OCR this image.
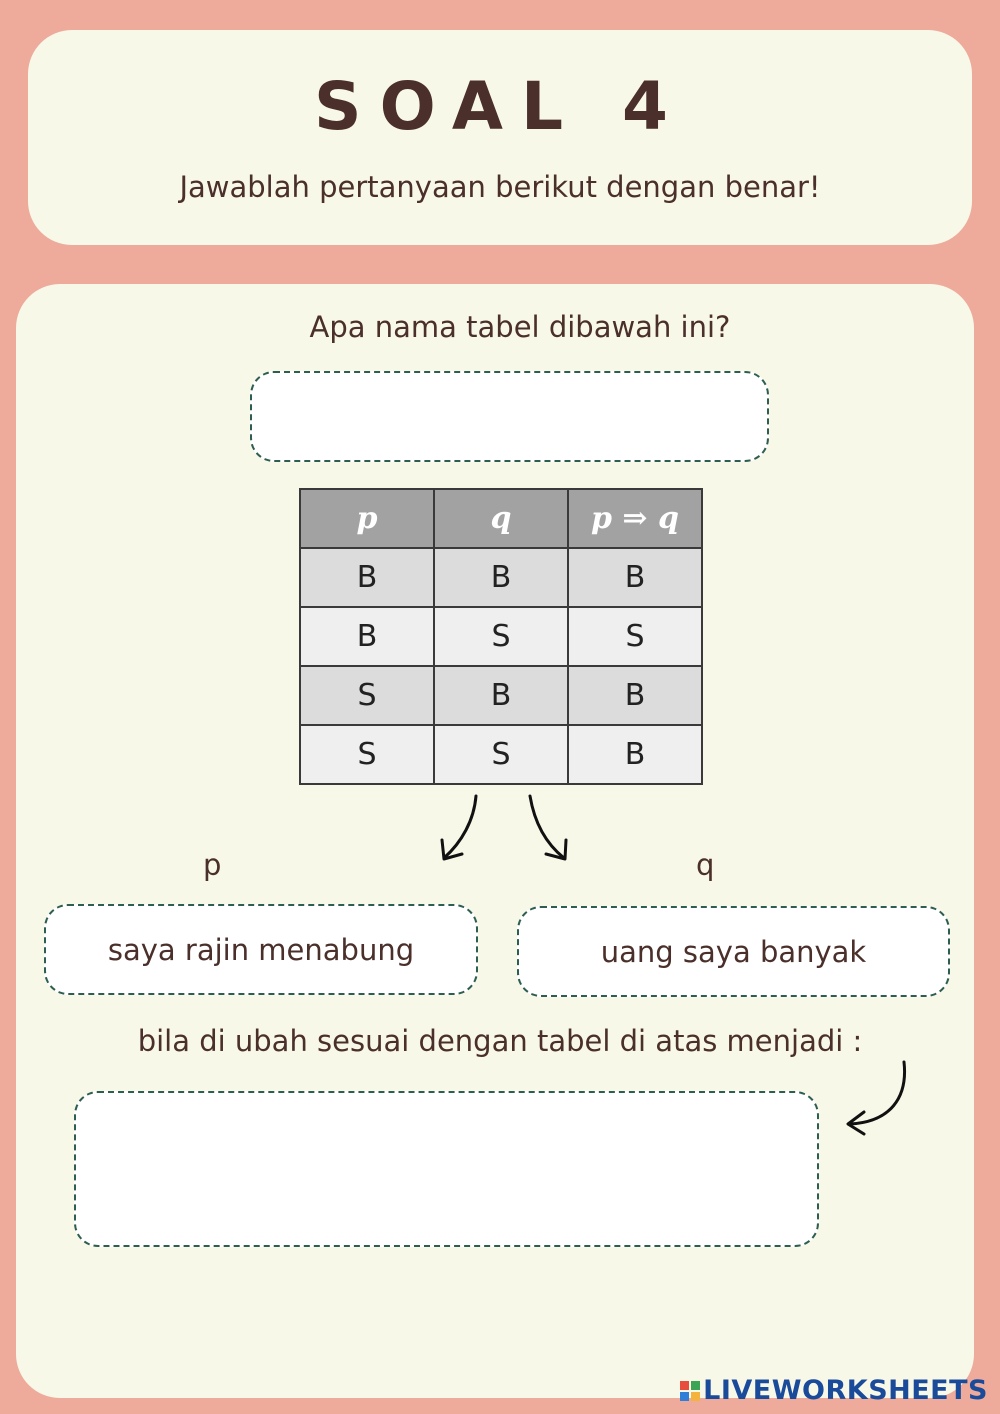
SOAL 4
Jawablah pertanyaan berikut dengan benar!
Apa nama tabel dibawah ini?
p	q	p ⇒ q
B	B	B
B	S	S
S	B	B
S	S	B
p	q
saya rajin menabung	uang saya banyak
bila di ubah sesuai dengan tabel di atas menjadi :
LIVEWORKSHEETS
